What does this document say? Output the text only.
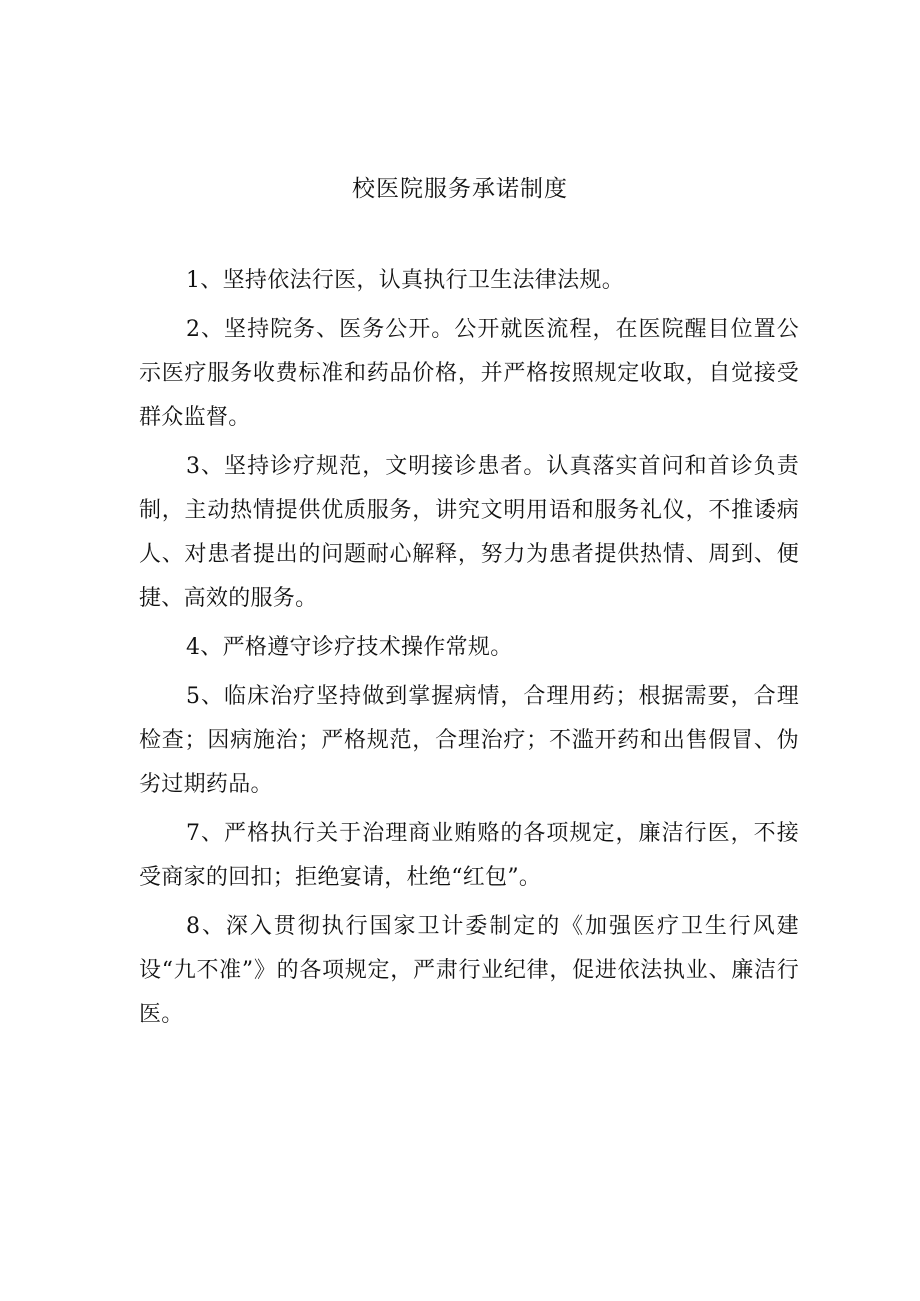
校医院服务承诺制度

1、坚持依法行医，认真执行卫生法律法规。

2、坚持院务、医务公开。公开就医流程，在医院醒目位置公示医疗服务收费标准和药品价格，并严格按照规定收取，自觉接受群众监督。

3、坚持诊疗规范，文明接诊患者。认真落实首问和首诊负责制，主动热情提供优质服务，讲究文明用语和服务礼仪，不推诿病人、对患者提出的问题耐心解释，努力为患者提供热情、周到、便捷、高效的服务。

4、严格遵守诊疗技术操作常规。

5、临床治疗坚持做到掌握病情，合理用药；根据需要，合理检查；因病施治；严格规范，合理治疗；不滥开药和出售假冒、伪劣过期药品。

7、严格执行关于治理商业贿赂的各项规定，廉洁行医，不接受商家的回扣；拒绝宴请，杜绝“红包”。

8、深入贯彻执行国家卫计委制定的《加强医疗卫生行风建设“九不准”》的各项规定，严肃行业纪律，促进依法执业、廉洁行医。
